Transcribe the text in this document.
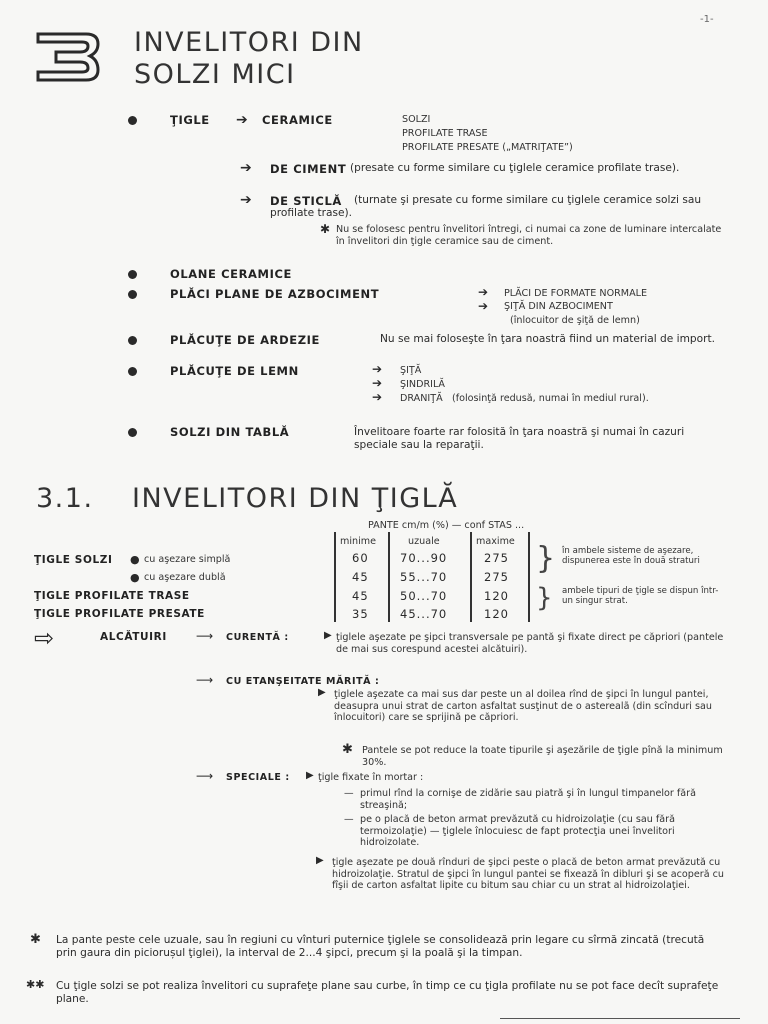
-1-
INVELITORI DIN
SOLZI MICI
ŢIGLE ➔ CERAMICE	SOLZI
PROFILATE TRASE
PROFILATE PRESATE („MATRIŢATE”)
➔ DE CIMENT (presate cu forme similare cu ţiglele ceramice profilate trase).
➔ DE STICLĂ	(turnate şi presate cu forme similare cu ţiglele ceramice solzi sau profilate trase).
✱ Nu se folosesc pentru învelitori întregi, ci numai ca zone de luminare intercalate în învelitori din ţigle ceramice sau de ciment.
OLANE CERAMICE
PLĂCI PLANE DE AZBOCIMENT	➔ PLĂCI DE FORMATE NORMALE
➔ ŞIŢĂ DIN AZBOCIMENT
(înlocuitor de şiţă de lemn)
PLĂCUŢE DE ARDEZIE	Nu se mai foloseşte în ţara noastră fiind un material de import.
PLĂCUŢE DE LEMN	➔ ŞIŢĂ
➔ ŞINDRILĂ
➔ DRANIŢĂ (folosinţă redusă, numai în mediul rural).
SOLZI DIN TABLĂ	Învelitoare foarte rar folosită în ţara noastră şi numai în cazuri speciale sau la reparaţii.
3.1. INVELITORI DIN ŢIGLĂ
PANTE cm/m (%) — conf STAS ...
minime	uzuale	maxime
ŢIGLE SOLZI ● cu aşezare simplă	60	70...90	275
● cu aşezare dublă	45	55...70	275
ŢIGLE PROFILATE TRASE	45	50...70	120
ŢIGLE PROFILATE PRESATE	35	45...70	120
} în ambele sisteme de aşezare, dispunerea este în două straturi
} ambele tipuri de ţigle se dispun într-un singur strat.
⇨	ALCĂTUIRI ⟶ CURENTĂ :	▶ ţiglele aşezate pe şipci transversale pe pantă şi fixate direct pe căpriori (pantele de mai sus corespund acestei alcătuiri).
⟶ CU ETANŞEITATE MĂRITĂ :
▶ ţiglele aşezate ca mai sus dar peste un al doilea rînd de şipci în lungul pantei, deasupra unui strat de carton asfaltat susţinut de o asterealã (din scînduri sau înlocuitori) care se sprijină pe căpriori.
✱ Pantele se pot reduce la toate tipurile şi aşezările de ţigle pînă la minimum 30%.
⟶ SPECIALE : ▶ ţigle fixate în mortar :
— primul rînd la cornişe de zidărie sau piatră şi în lungul timpanelor fără streaşină;
— pe o placă de beton armat prevăzută cu hidroizolaţie (cu sau fără termoizolaţie) — ţiglele înlocuiesc de fapt protecţia unei învelitori hidroizolate.
▶ ţigle aşezate pe două rînduri de şipci peste o placă de beton armat prevăzută cu hidroizolaţie. Stratul de şipci în lungul pantei se fixează în dibluri şi se acoperă cu fîşii de carton asfaltat lipite cu bitum sau chiar cu un strat al hidroizolaţiei.
✱ La pante peste cele uzuale, sau în regiuni cu vînturi puternice ţiglele se consolidează prin legare cu sîrmă zincată (trecută prin gaura din piciorușul ţiglei), la interval de 2...4 şipci, precum şi la poală şi la timpan.
✱✱ Cu ţigle solzi se pot realiza învelitori cu suprafeţe plane sau curbe, în timp ce cu ţigla profilate nu se pot face decît suprafeţe plane.
